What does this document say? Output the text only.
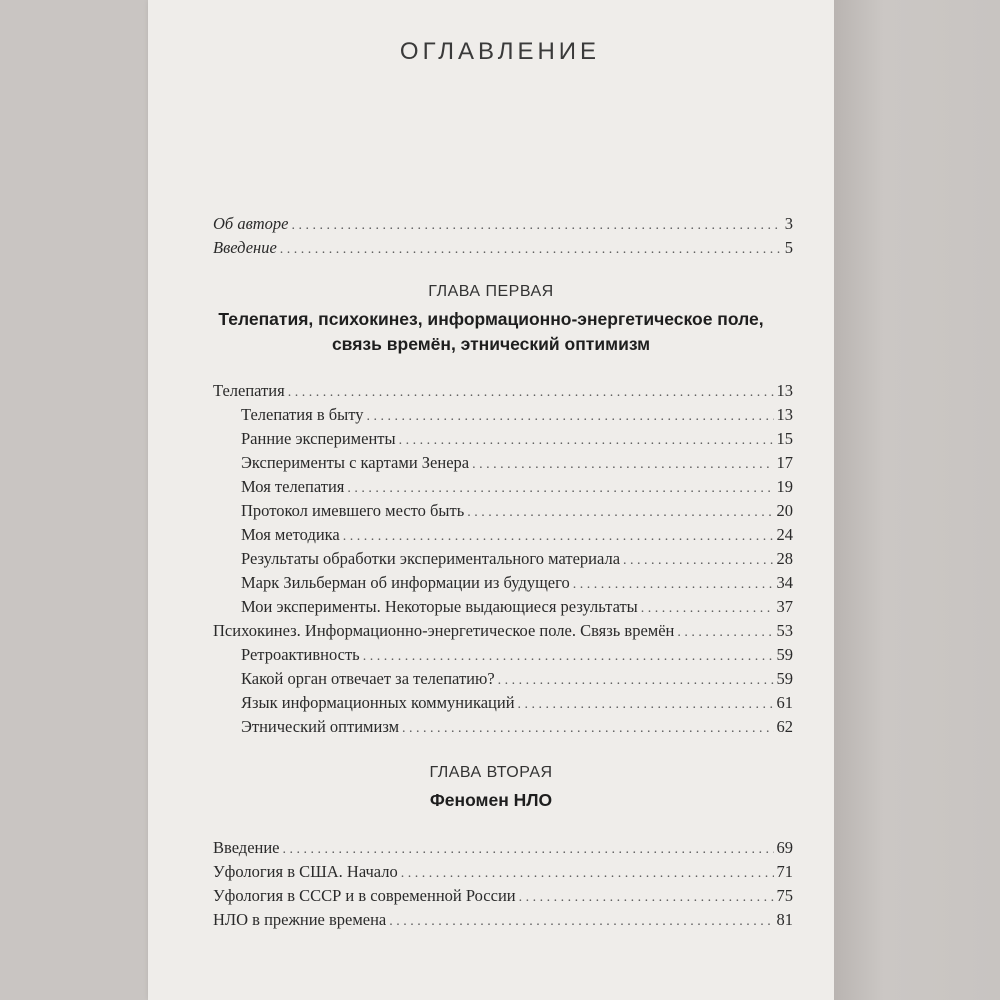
ОГЛАВЛЕНИЕ
Об авторе . . .	3
Введение . . .	5
ГЛАВА ПЕРВАЯ
Телепатия, психокинез, информационно-энергетическое поле,
связь времён, этнический оптимизм
Телепатия . . .	13
Телепатия в быту . . .	13
Ранние эксперименты . . .	15
Эксперименты с картами Зенера . . .	17
Моя телепатия . . .	19
Протокол имевшего место быть . . .	20
Моя методика . . .	24
Результаты обработки экспериментального материала . . .	28
Марк Зильберман об информации из будущего . . .	34
Мои эксперименты. Некоторые выдающиеся результаты . . .	37
Психокинез. Информационно-энергетическое поле. Связь времён . . .	53
Ретроактивность . . .	59
Какой орган отвечает за телепатию? . . .	59
Язык информационных коммуникаций . . .	61
Этнический оптимизм . . .	62
ГЛАВА ВТОРАЯ
Феномен НЛО
Введение . . .	69
Уфология в США. Начало . . .	71
Уфология в СССР и в современной России . . .	75
НЛО в прежние времена . . .	81
